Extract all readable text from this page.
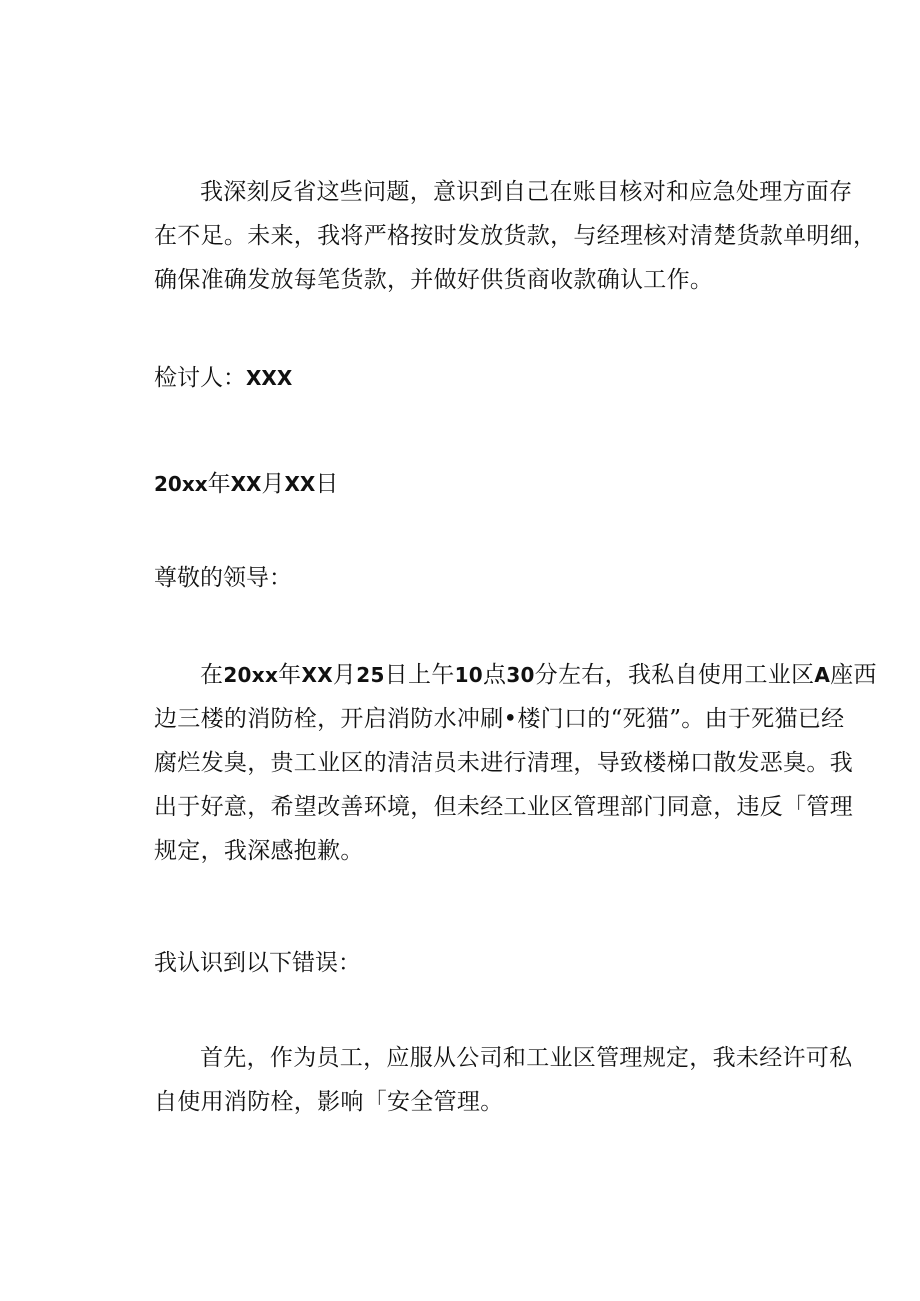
我深刻反省这些问题，意识到自己在账目核对和应急处理方面存
在不足。未来，我将严格按时发放货款，与经理核对清楚货款单明细，
确保准确发放每笔货款，并做好供货商收款确认工作。
检讨人：XXX
20xx年XX月XX日
尊敬的领导：
在20xx年XX月25日上午10点30分左右，我私自使用工业区A座西
边三楼的消防栓，开启消防水冲刷•楼门口的“死猫”。由于死猫已经
腐烂发臭，贵工业区的清洁员未进行清理，导致楼梯口散发恶臭。我
出于好意，希望改善环境，但未经工业区管理部门同意，违反「管理
规定，我深感抱歉。
我认识到以下错误：
首先，作为员工，应服从公司和工业区管理规定，我未经许可私
自使用消防栓，影响「安全管理。
